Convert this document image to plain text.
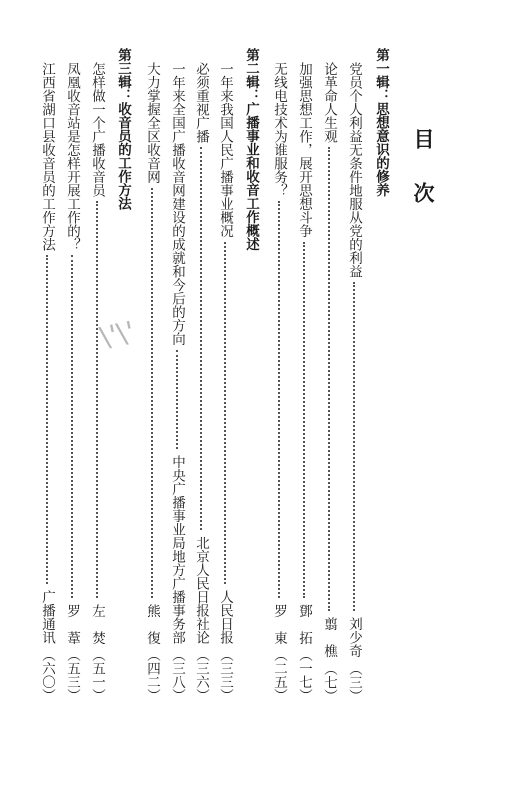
目
次
第一辑：思想意识的修养
党员个人利益无条件地服从党的利益
刘少奇
（三）
论革命人生观
翦　樵
（七）
加强思想工作，展开思想斗争
鄧　拓
（一七）
无线电技术为谁服务？
罗　東
（二五）
第二辑：广播事业和收音工作概述
一年来我国人民广播事业概况
人民日报
（三三）
必须重视广播
北京人民日报社论
（三六）
一年来全国广播收音网建设的成就和今后的方向
中央广播事业局地方广播事务部
（三八）
大力掌握全区收音网
熊　復
（四二）
第三辑：收音员的工作方法
怎样做一个广播收音员
左　焚
（五一）
凤凰收音站是怎样开展工作的？
罗　葦
（五三）
江西省湖口县收音员的工作方法
广播通讯
（六〇）
\'\'
